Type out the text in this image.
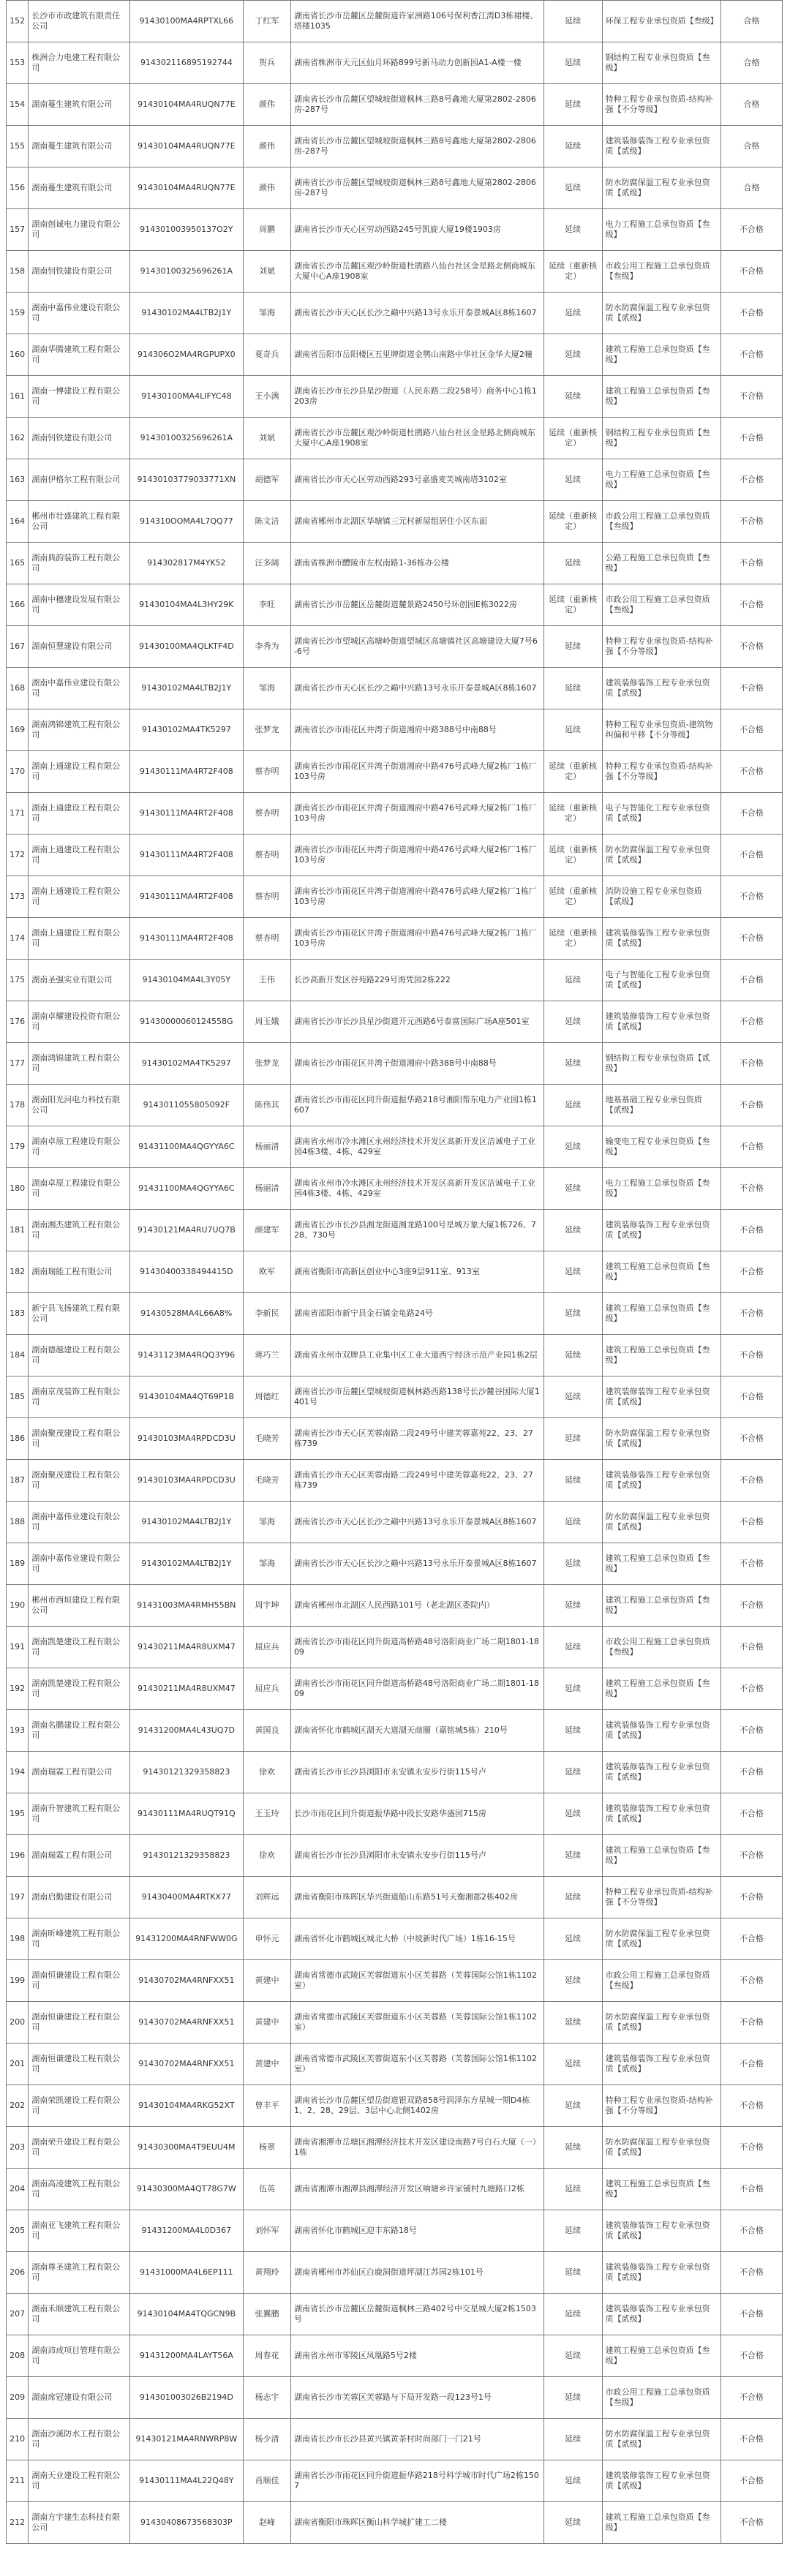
152	长沙市市政建筑有限责任公司	91430100MA4RPTXL66	丁红军	湖南省长沙市岳麓区岳麓街道许家洲路106号保利香江湾D3栋裙楼、塔楼1035	延续	环保工程专业承包资质【叁级】	合格
153	株洲合力电建工程有限公司	914302116895192744	贺兵	湖南省株洲市天元区仙月环路899号新马动力创新园A1-A楼一楼	延续	钢结构工程专业承包资质【叁级】	合格
154	湖南蔓生建筑有限公司	91430104MA4RUQN77E	颜伟	湖南省长沙市岳麓区望城坡街道枫林三路8号鑫地大厦第2802-2806房-287号	延续	特种工程专业承包资质-结构补强【不分等级】	合格
155	湖南蔓生建筑有限公司	91430104MA4RUQN77E	颜伟	湖南省长沙市岳麓区望城坡街道枫林三路8号鑫地大厦第2802-2806房-287号	延续	建筑装修装饰工程专业承包资质【贰级】	合格
156	湖南蔓生建筑有限公司	91430104MA4RUQN77E	颜伟	湖南省长沙市岳麓区望城坡街道枫林三路8号鑫地大厦第2802-2806房-287号	延续	防水防腐保温工程专业承包资质【贰级】	合格
157	湖南创诚电力建设有限公司	914301003950137O2Y	周鹏	湖南省长沙市天心区劳动西路245号凯旋大厦19楼1903房	延续	电力工程施工总承包资质【叁级】	不合格
158	湖南钊铁建设有限公司	91430100325696261A	刘斌	湖南省长沙市岳麓区观沙岭街道杜鹃路八仙台社区金星路北侧商城东大厦中心A座1908室	延续（重新核定）	市政公用工程施工总承包资质【叁级】	不合格
159	湖南中嘉伟业建设有限公司	91430102MA4LTB2J1Y	邹海	湖南省长沙市天心区长沙之巅中兴路13号永乐开泰景城A区8栋1607	延续	防水防腐保温工程专业承包资质【贰级】	不合格
160	湖南华腾建筑工程有限公司	914306O2MA4RGPUPX0	夏奇兵	湖南省岳阳市岳阳楼区五里牌街道金鹗山南路中华社区金华大厦2幢	延续	建筑工程施工总承包资质【叁级】	不合格
161	湖南一博建设工程有限公司	91430100MA4LIFYC48	王小满	湖南省长沙市长沙县星沙街道（人民东路二段258号）商务中心1栋1203房	延续	建筑工程施工总承包资质【叁级】	不合格
162	湖南钊铁建设有限公司	91430100325696261A	刘斌	湖南省长沙市岳麓区观沙岭街道杜鹃路八仙台社区金星路北侧商城东大厦中心A座1908室	延续（重新核定）	钢结构工程专业承包资质【叁级】	不合格
163	湖南伊格尔工程有限公司	91430103779033771XN	胡德军	湖南省长沙市天心区劳动西路293号嘉盛麦芙城南塔3102室	延续	电力工程施工总承包资质【叁级】	不合格
164	郴州市壮盛建筑工程有限公司	914310OOMA4L7QQ77	陈文洁	湖南省郴州市北湖区华塘镇三元村新屋组居住小区东面	延续（重新核定）	市政公用工程施工总承包资质【叁级】	不合格
165	湖南典韵装饰工程有限公司	914302817M4YK52	汪多阔	湖南省株洲市醴陵市左权南路1-36栋办公楼	延续	公路工程施工总承包资质【叁级】	不合格
166	湖南中穗建设发展有限公司	91430104MA4L3HY29K	李旺	湖南省长沙市岳麓区岳麓街道麓景路2450号环创园E栋3022房	延续（重新核定）	市政公用工程施工总承包资质【叁级】	不合格
167	湖南恒慧建设有限公司	91430100MA4QLKTF4D	李秀为	湖南省长沙市望城区高塘岭街道望城区高塘镇社区高塘建设大厦7号6-6号	延续	特种工程专业承包资质-结构补强【不分等级】	不合格
168	湖南中嘉伟业建设有限公司	91430102MA4LTB2J1Y	邹海	湖南省长沙市天心区长沙之巅中兴路13号永乐开泰景城A区8栋1607	延续	建筑装修装饰工程专业承包资质【贰级】	不合格
169	湖南鸿锦建筑工程有限公司	91430102MA4TK5297	张梦龙	湖南省长沙市雨花区井湾子街道湘府中路388号中南88号	延续	特种工程专业承包资质-建筑物纠偏和平移【不分等级】	不合格
170	湖南上通建设工程有限公司	91430111MA4RT2F408	蔡杏明	湖南省长沙市雨花区井湾子街道湘府中路476号武峰大厦2栋厂1栋厂103号房	延续（重新核定）	特种工程专业承包资质-结构补强【不分等级】	不合格
171	湖南上通建设工程有限公司	91430111MA4RT2F408	蔡杏明	湖南省长沙市雨花区井湾子街道湘府中路476号武峰大厦2栋厂1栋厂103号房	延续（重新核定）	电子与智能化工程专业承包资质【贰级】	不合格
172	湖南上通建设工程有限公司	91430111MA4RT2F408	蔡杏明	湖南省长沙市雨花区井湾子街道湘府中路476号武峰大厦2栋厂1栋厂103号房	延续（重新核定）	防水防腐保温工程专业承包资质【贰级】	不合格
173	湖南上通建设工程有限公司	91430111MA4RT2F408	蔡杏明	湖南省长沙市雨花区井湾子街道湘府中路476号武峰大厦2栋厂1栋厂103号房	延续（重新核定）	消防设施工程专业承包资质【贰级】	不合格
174	湖南上通建设工程有限公司	91430111MA4RT2F408	蔡杏明	湖南省长沙市雨花区井湾子街道湘府中路476号武峰大厦2栋厂1栋厂103号房	延续（重新核定）	建筑装修装饰工程专业承包资质【贰级】	不合格
175	湖南圣强实业有限公司	91430104MA4L3Y05Y	王伟	长沙高新开发区谷苑路229号海凭园2栋222	延续	电子与智能化工程专业承包资质【贰级】	不合格
176	湖南卓耀建设投资有限公司	91430000060124558G	周玉娥	湖南省长沙市长沙县星沙街道开元西路6号泰富国际广场A座501室	延续	建筑装修装饰工程专业承包资质【贰级】	不合格
177	湖南鸿锦建筑工程有限公司	91430102MA4TK5297	张梦龙	湖南省长沙市雨花区井湾子街道湘府中路388号中南88号	延续	钢结构工程专业承包资质【贰级】	不合格
178	湖南阳光河电力科技有限公司	9143011055805092F	陈伟其	湖南省长沙市雨花区同升街道振华路218号湘阳帮东电力产业园1栋1607	延续	地基基础工程专业承包资质【贰级】	不合格
179	湖南卓原工程建设有限公司	91431100MA4QGYYA6C	杨丽清	湖南省永州市冷水滩区永州经济技术开发区高新开发区洁诚电子工业园4栋3楼、4栋、429室	延续	输变电工程专业承包资质【叁级】	不合格
180	湖南卓原工程建设有限公司	91431100MA4QGYYA6C	杨丽清	湖南省永州市冷水滩区永州经济技术开发区高新开发区洁诚电子工业园4栋3楼、4栋、429室	延续	电力工程施工总承包资质【叁级】	不合格
181	湖南湘杰建筑工程有限公司	91430121MA4RU7UQ7B	颜建军	湖南省长沙市长沙县湘龙街道湘龙路100号星城万象大厦1栋726、728、730号	延续	建筑装修装饰工程专业承包资质【贰级】	不合格
182	湖南瑞能工程有限公司	91430400338494415D	欧军	湖南省衡阳市高新区创业中心3座9层911室、913室	延续	建筑工程施工总承包资质【叁级】	不合格
183	新宁县飞扬建筑工程有限公司	91430528MA4L66A8%	李新民	湖南省邵阳市新宁县金石镇金龟路24号	延续	建筑工程施工总承包资质【叁级】	不合格
184	湖南德越建设工程有限公司	91431123MA4RQQ3Y96	蒋巧兰	湖南省永州市双牌县工业集中区工业大道西宁经济示范产业园1栋2层	延续	建筑工程施工总承包资质【叁级】	不合格
185	湖南京茂装饰工程有限公司	91430104MA4QT69P1B	周德红	湖南省长沙市岳麓区望城坡街道枫林路西路138号长沙麓谷国际大厦1401号	延续	建筑装修装饰工程专业承包资质【贰级】	不合格
186	湖南聚茂建设工程有限公司	91430103MA4RPDCD3U	毛晓芳	湖南省长沙市天心区芙蓉南路二段249号中建芙蓉嘉苑22、23、27栋739	延续	防水防腐保温工程专业承包资质【贰级】	不合格
187	湖南聚茂建设工程有限公司	91430103MA4RPDCD3U	毛晓芳	湖南省长沙市天心区芙蓉南路二段249号中建芙蓉嘉苑22、23、27栋739	延续	建筑装修装饰工程专业承包资质【贰级】	不合格
188	湖南中嘉伟业建设有限公司	91430102MA4LTB2J1Y	邹海	湖南省长沙市天心区长沙之巅中兴路13号永乐开泰景城A区8栋1607	延续	防水防腐保温工程专业承包资质【贰级】	不合格
189	湖南中嘉伟业建设有限公司	91430102MA4LTB2J1Y	邹海	湖南省长沙市天心区长沙之巅中兴路13号永乐开泰景城A区8栋1607	延续	建筑工程施工总承包资质【叁级】	不合格
190	郴州市西垣建设工程有限公司	91431003MA4RMH55BN	周宇坤	湖南省郴州市北湖区人民西路101号（老北湖区委院内）	延续	建筑工程施工总承包资质【叁级】	不合格
191	湖南凯楚建设工程有限公司	91430211MA4R8UXM47	屈应兵	湖南省长沙市雨花区同升街道高桥路48号洛阳商业广场二期1801-1809	延续	市政公用工程施工总承包资质【叁级】	不合格
192	湖南凯楚建设工程有限公司	91430211MA4R8UXM47	屈应兵	湖南省长沙市雨花区同升街道高桥路48号洛阳商业广场二期1801-1809	延续	建筑工程施工总承包资质【叁级】	不合格
193	湖南名鹏建设工程有限公司	91431200MA4L43UQ7D	黄国良	湖南省怀化市鹤城区湖天大道湖天商圈（嘉铭城5栋）210号	延续	建筑装修装饰工程专业承包资质【贰级】	不合格
194	湖南瑞霖工程有限公司	91430121329358823	徐欢	湖南省长沙市长沙县浏阳市永安镇永安步行街115号卢	延续	建筑装修装饰工程专业承包资质【贰级】	不合格
195	湖南升智建筑工程有限公司	91430111MA4RUQT91Q	王玉玲	长沙市雨花区同升街道振华路中段长安路华盛园715房	延续	建筑装修装饰工程专业承包资质【贰级】	不合格
196	湖南瑞霖工程有限公司	91430121329358823	徐欢	湖南省长沙市长沙县浏阳市永安镇永安步行街115号卢	延续	建筑工程施工总承包资质【叁级】	不合格
197	湖南启勤建设有限公司	91430400MA4RTKX77	刘辉远	湖南省衡阳市珠晖区华兴街道船山东路51号天衡湘郡2栋402房	延续	特种工程专业承包资质-结构补强【不分等级】	不合格
198	湖南昕峰建筑工程有限公司	91431200MA4RNFWW0G	申怀元	湖南省怀化市鹤城区城北大桥（中坡新时代广场）1栋16-15号	延续	防水防腐保温工程专业承包资质【贰级】	不合格
199	湖南恒谦建设工程有限公司	91430702MA4RNFXX51	黄建中	湖南省常德市武陵区芙蓉街道东小区芙蓉路（芙蓉国际公馆1栋1102室）	延续	市政公用工程施工总承包资质【叁级】	不合格
200	湖南恒谦建设工程有限公司	91430702MA4RNFXX51	黄建中	湖南省常德市武陵区芙蓉街道东小区芙蓉路（芙蓉国际公馆1栋1102室）	延续	防水防腐保温工程专业承包资质【贰级】	不合格
201	湖南恒谦建设工程有限公司	91430702MA4RNFXX51	黄建中	湖南省常德市武陵区芙蓉街道东小区芙蓉路（芙蓉国际公馆1栋1102室）	延续	建筑装修装饰工程专业承包资质【贰级】	不合格
202	湖南荣凯建设工程有限公司	91430104MA4RKG52XT	曾丰平	湖南省长沙市岳麓区望岳街道银双路858号润泽东方星城一期D4栋1、2、28、29层、3层中心北侧1402房	延续	特种工程专业承包资质-结构补强【不分等级】	不合格
203	湖南荣升建设工程有限公司	91430300MA4T9EUU4M	杨翠	湖南省湘潭市岳塘区湘潭经济技术开发区建设南路7号白石大厦（一）1栋	延续	防水防腐保温工程专业承包资质【贰级】	不合格
204	湖南高凌建筑工程有限公司	91430300MA4QT78G7W	伍英	湖南省湘潭市湘潭县湘潭经济开发区响塘乡许家铺村九塘路口2栋	延续	建筑工程施工总承包资质【叁级】	不合格
205	湖南亚飞建筑工程有限公司	91431200MA4L0D367	刘怀军	湖南省怀化市鹤城区迎丰东路18号	延续	建筑装修装饰工程专业承包资质【贰级】	不合格
206	湖南尊圣建筑工程有限公司	91431000MA4L6EP111	黄翔玲	湖南省郴州市苏仙区白鹿洞街道坪湖江苏园2栋101号	延续	建筑装修装饰工程专业承包资质【贰级】	不合格
207	湖南禾顺建筑工程有限公司	91430104MA4TQGCN9B	张翼鹏	湖南省长沙市岳麓区岳麓街道枫林三路402号中交星城大厦2栋1503号	延续	建筑装修装饰工程专业承包资质【贰级】	不合格
208	湖南沛成项目管理有限公司	91431200MA4LAYT56A	周春花	湖南省永州市零陵区凤凰路5号2楼	延续	建筑工程施工总承包资质【叁级】	不合格
209	湖南席冠建设有限公司	914301003026B2194D	杨志宇	湖南省长沙市芙蓉区芙蓉路与下局开发路一段123号1号	延续	市政公用工程施工总承包资质【叁级】	不合格
210	湖南沙溪防水工程有限公司	91430121MA4RNWRP8W	杨少清	湖南省长沙市长沙县黄兴镇黄茶村时尚部门一门21号	延续	防水防腐保温工程专业承包资质【贰级】	不合格
211	湖南天业建设工程有限公司	91430111MA4L22Q48Y	肖顺佳	湖南省长沙市雨花区同升街道振华路218号科学城市时代广场2栋1507	延续	建筑装修装饰工程专业承包资质【贰级】	不合格
212	湖南方宇建生态科技有限公司	91430408673568303P	赵峰	湖南省衡阳市珠晖区衡山科学城扩建工二楼	延续	建筑工程施工总承包资质【叁级】	不合格
